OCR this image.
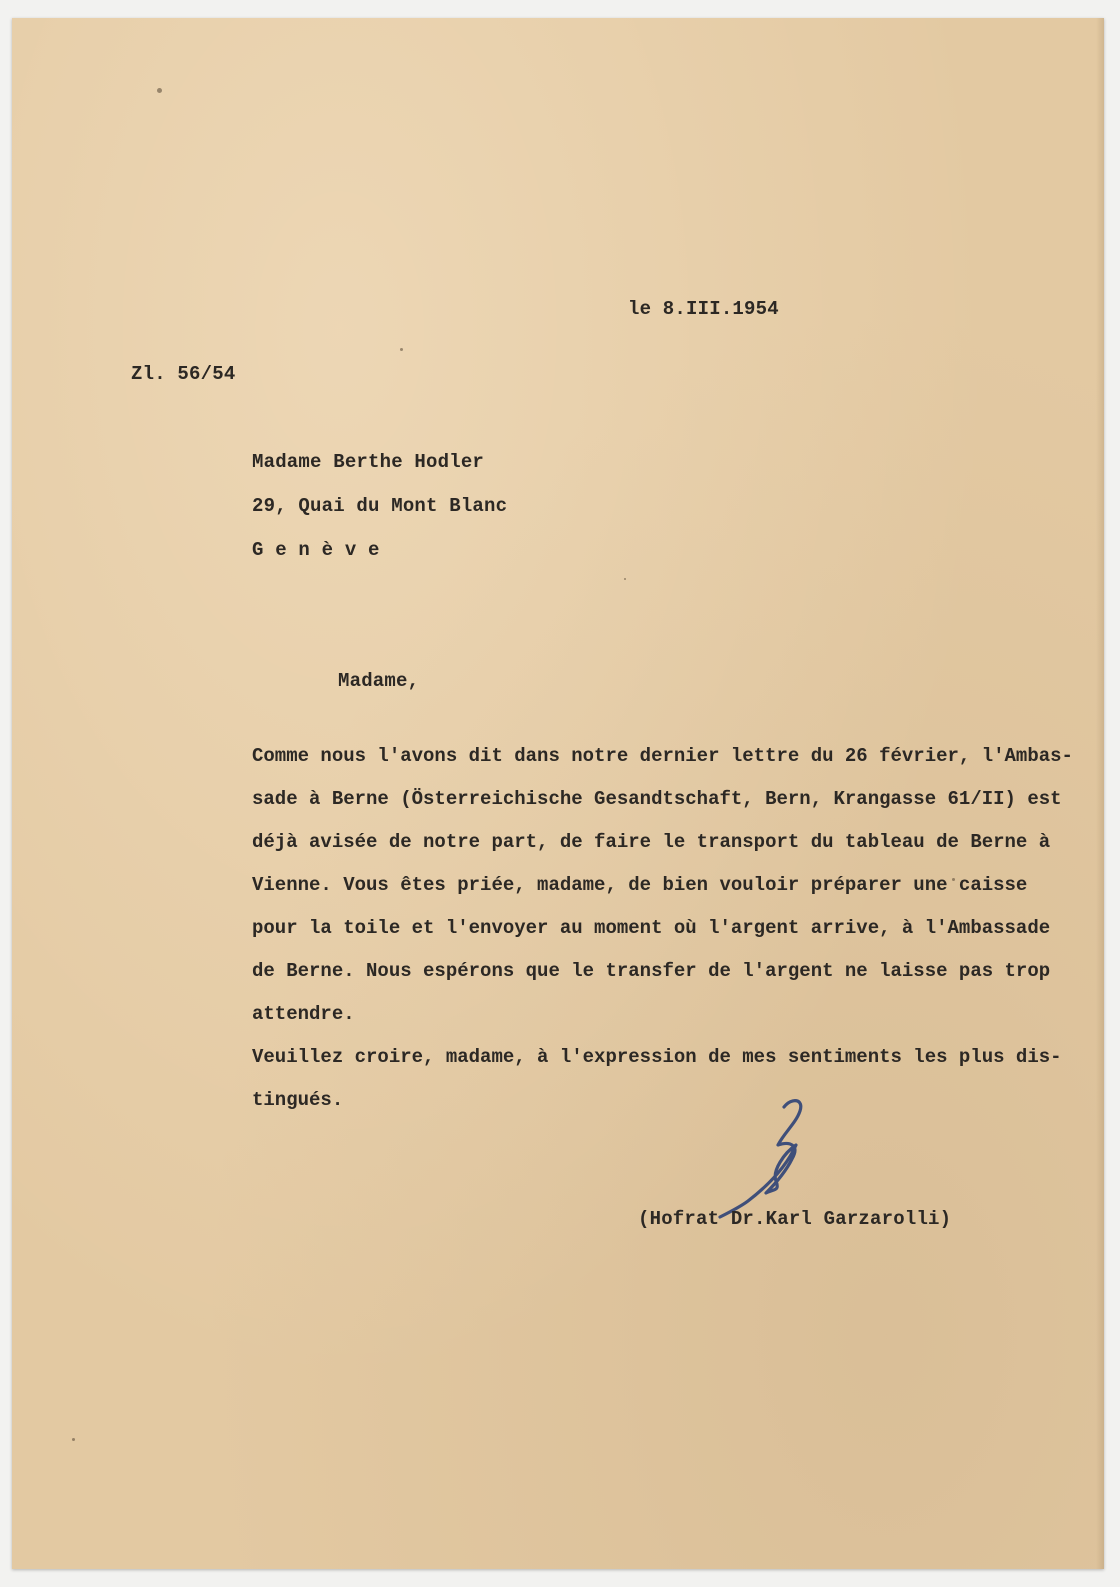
le 8.III.1954
Zl. 56/54
Madame Berthe Hodler
29, Quai du Mont Blanc
G e n è v e
Madame,
Comme nous l'avons dit dans notre dernier lettre du 26 février, l'Ambas-
sade à Berne (Österreichische Gesandtschaft, Bern, Krangasse 61/II) est
déjà avisée de notre part, de faire le transport du tableau de Berne à
Vienne. Vous êtes priée, madame, de bien vouloir préparer une caisse
pour la toile et l'envoyer au moment où l'argent arrive, à l'Ambassade
de Berne. Nous espérons que le transfer de l'argent ne laisse pas trop
attendre.
Veuillez croire, madame, à l'expression de mes sentiments les plus dis-
tingués.
(Hofrat Dr.Karl Garzarolli)
